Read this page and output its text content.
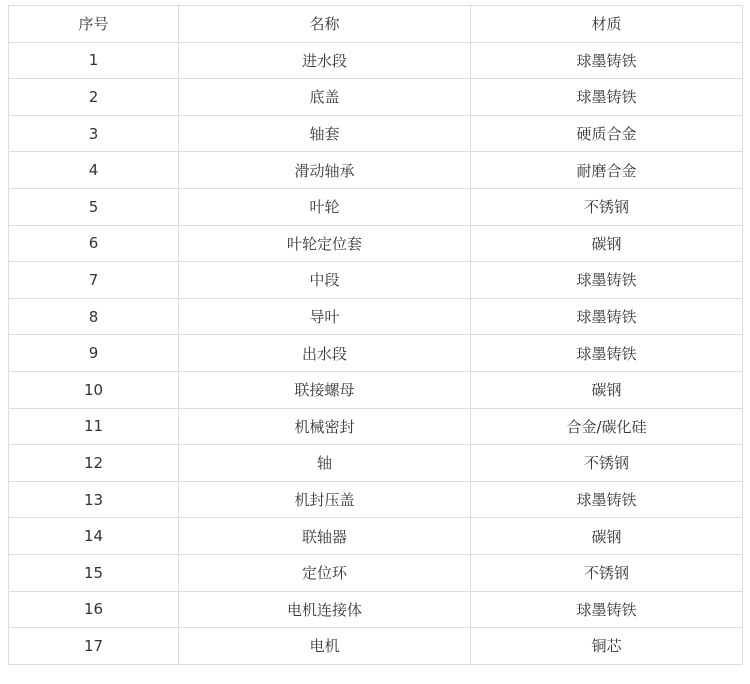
序号	名称	材质
1	进水段	球墨铸铁
2	底盖	球墨铸铁
3	轴套	硬质合金
4	滑动轴承	耐磨合金
5	叶轮	不锈钢
6	叶轮定位套	碳钢
7	中段	球墨铸铁
8	导叶	球墨铸铁
9	出水段	球墨铸铁
10	联接螺母	碳钢
11	机械密封	合金/碳化硅
12	轴	不锈钢
13	机封压盖	球墨铸铁
14	联轴器	碳钢
15	定位环	不锈钢
16	电机连接体	球墨铸铁
17	电机	铜芯
